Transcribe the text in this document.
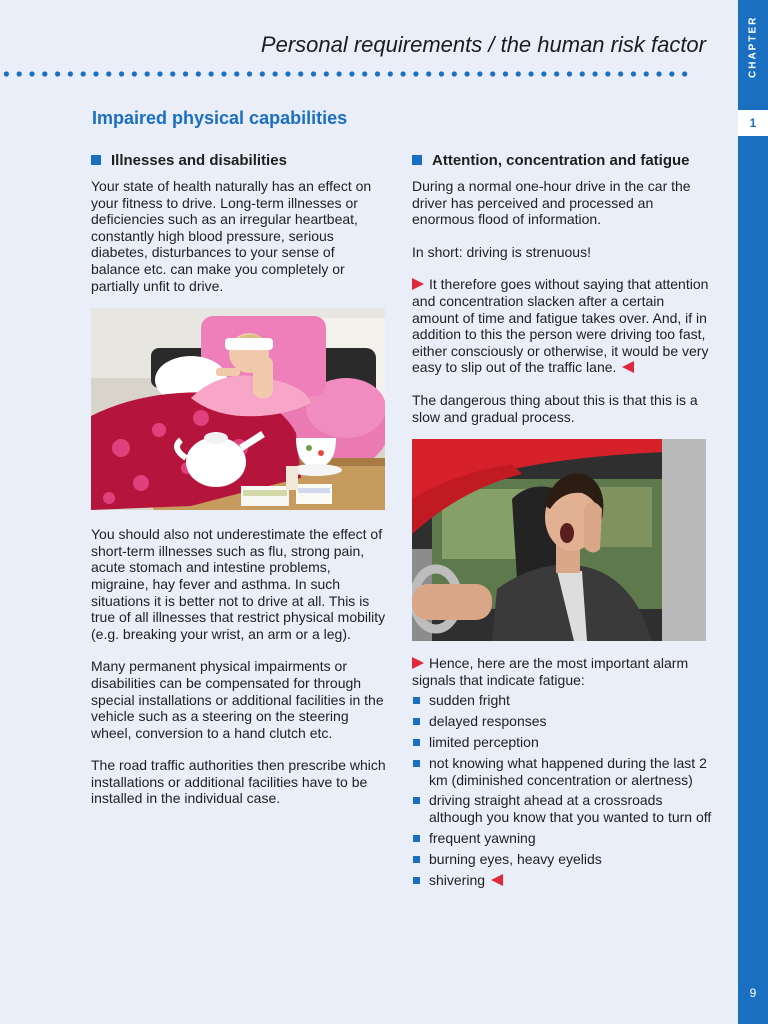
CHAPTER
1
9
Personal requirements / the human risk factor
Impaired physical capabilities
Illnesses and disabilities

Your state of health naturally has an effect on your fitness to drive. Long-term illnesses or deficiencies such as an irregular heartbeat, constantly high blood pressure, serious diabetes, disturbances to your sense of balance etc. can make you completely or partially unfit to drive.

You should also not underestimate the effect of short-term illnesses such as flu, strong pain, acute stomach and intestine problems, migraine, hay fever and asthma. In such situations it is better not to drive at all. This is true of all illnesses that restrict physical mobility (e.g. breaking your wrist, an arm or a leg).

Many permanent physical impairments or disabilities can be compensated for through special installations or additional facilities in the vehicle such as a steering on the steering wheel, conversion to a hand clutch etc.

The road traffic authorities then prescribe which installations or additional facilities have to be installed in the individual case.

Attention, concentration and fatigue

During a normal one-hour drive in the car the driver has perceived and processed an enormous flood of information.

In short: driving is strenuous!

It therefore goes without saying that attention and concentration slacken after a certain amount of time and fatigue takes over. And, if in addition to this the person were driving too fast, either consciously or otherwise, it would be very easy to slip out of the traffic lane.

The dangerous thing about this is that this is a slow and gradual process.

Hence, here are the most important alarm signals that indicate fatigue:

sudden fright
delayed responses
limited perception
not knowing what happened during the last 2 km (diminished concentration or alertness)
driving straight ahead at a crossroads although you know that you wanted to turn off
frequent yawning
burning eyes, heavy eyelids
shivering
